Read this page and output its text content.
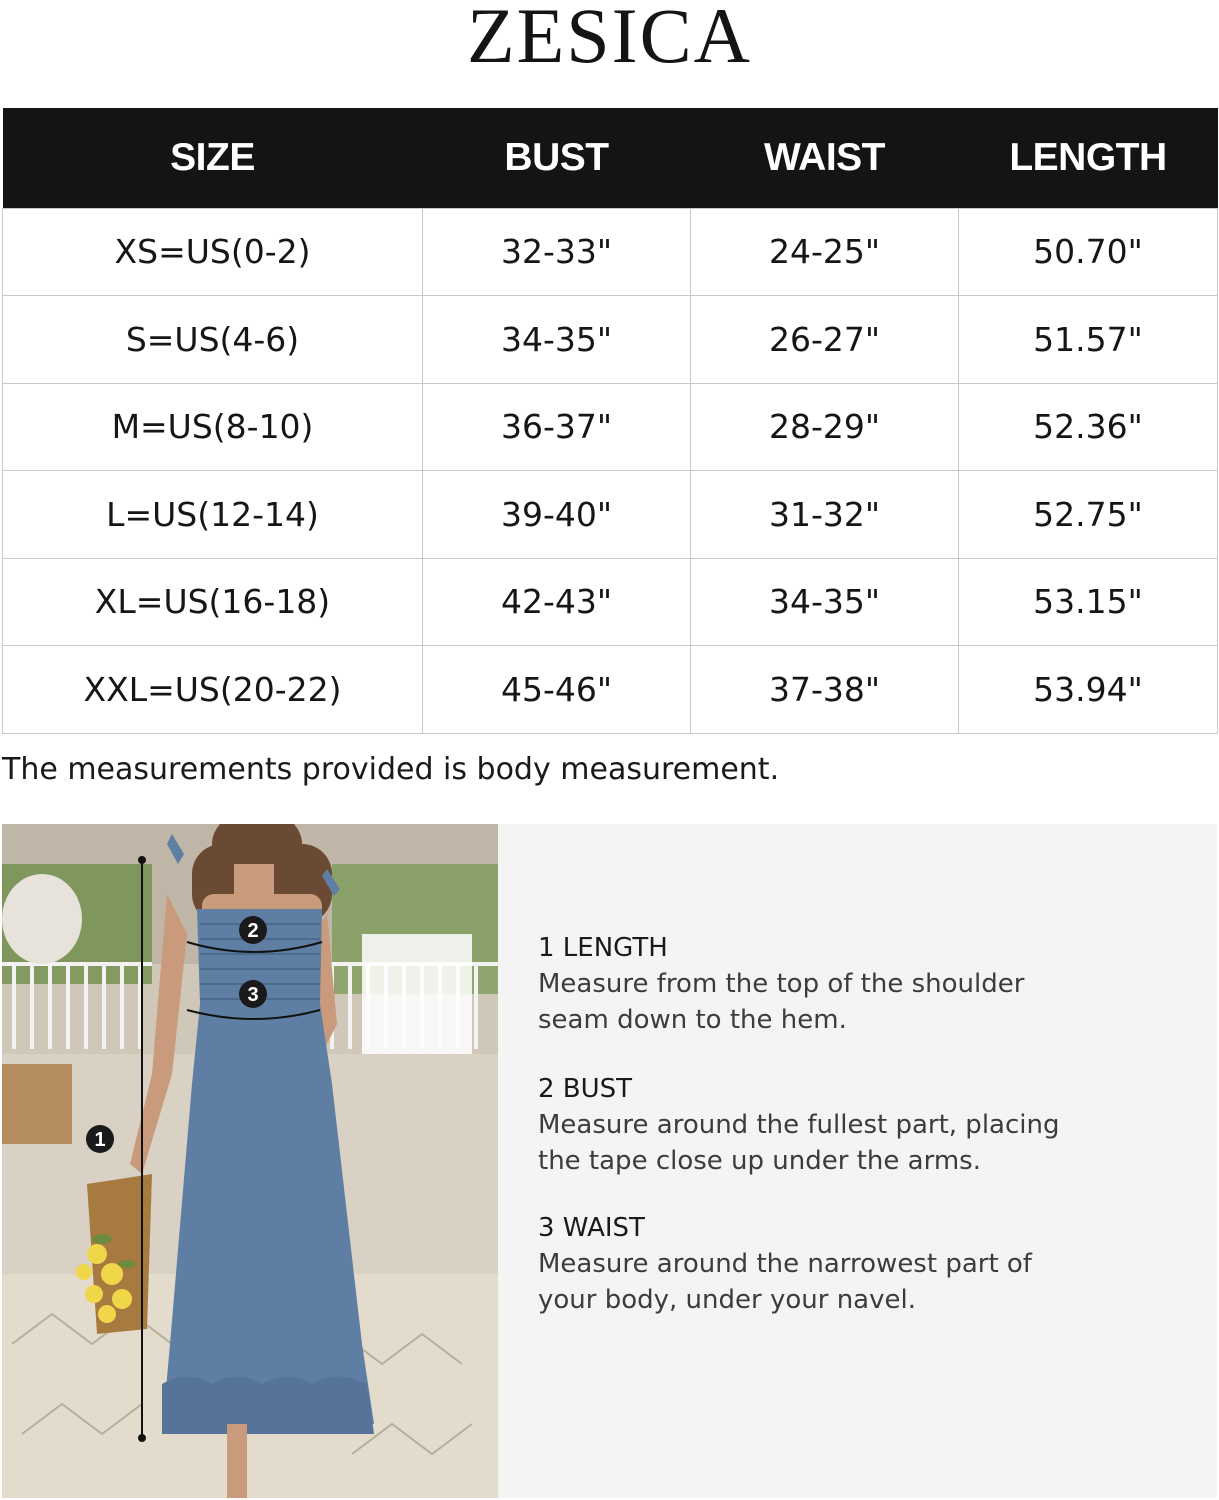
ZESICA
SIZE	BUST	WAIST	LENGTH
XS=US(0-2)	32-33"	24-25"	50.70"
S=US(4-6)	34-35"	26-27"	51.57"
M=US(8-10)	36-37"	28-29"	52.36"
L=US(12-14)	39-40"	31-32"	52.75"
XL=US(16-18)	42-43"	34-35"	53.15"
XXL=US(20-22)	45-46"	37-38"	53.94"
The measurements provided is body measurement.
1
2
3
1 LENGTH
Measure from the top of the shoulder seam down to the hem.
2 BUST
Measure around the fullest part, placing the tape close up under the arms.
3 WAIST
Measure around the narrowest part of your body, under your navel.
